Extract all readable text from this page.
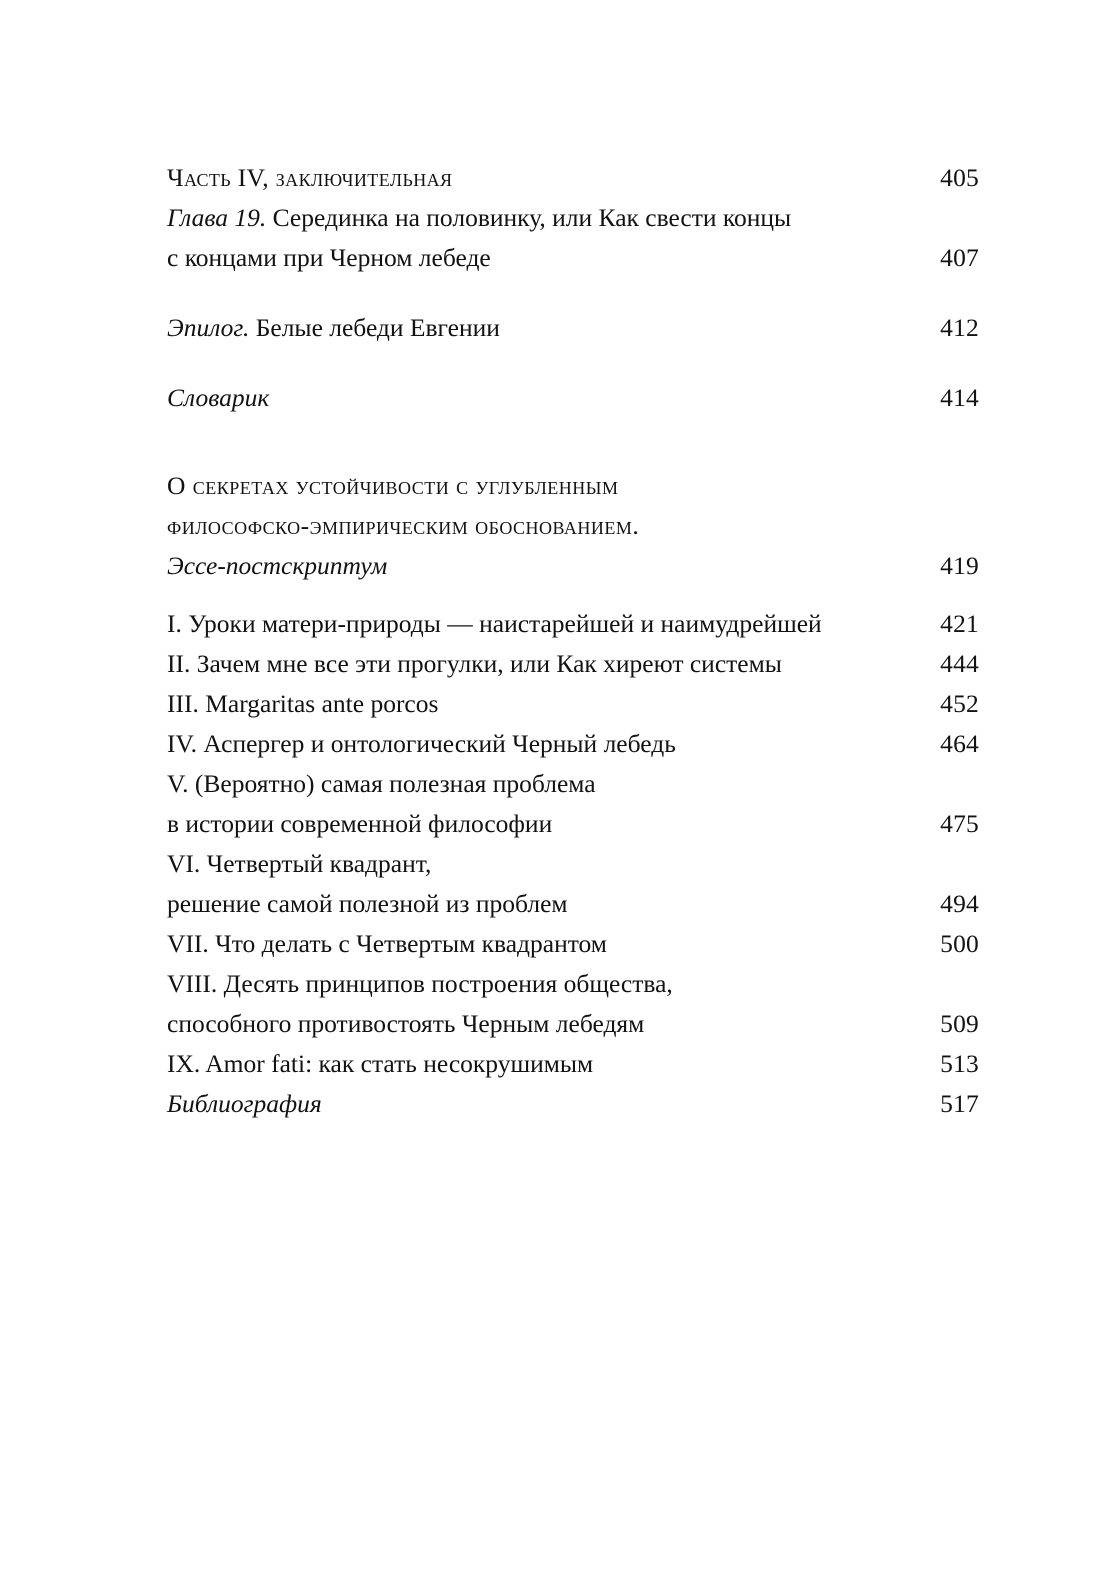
Часть IV, заключительная .....	405
Глава 19. Серединка на половинку, или Как свести концы
с концами при Черном лебеде .....	407
Эпилог. Белые лебеди Евгении .....	412
Словарик .....	414
О секретах устойчивости с углубленным
философско-эмпирическим обоснованием.
Эссе-постскриптум .....	419
I. Уроки матери-природы — наистарейшей и наимудрейшей .....	421
II. Зачем мне все эти прогулки, или Как хиреют системы .....	444
III. Margaritas ante porcos .....	452
IV. Аспергер и онтологический Черный лебедь .....	464
V. (Вероятно) самая полезная проблема
в истории современной философии .....	475
VI. Четвертый квадрант,
решение самой полезной из проблем .....	494
VII. Что делать с Четвертым квадрантом .....	500
VIII. Десять принципов построения общества,
способного противостоять Черным лебедям .....	509
IX. Amor fati: как стать несокрушимым .....	513
Библиография .....	517
